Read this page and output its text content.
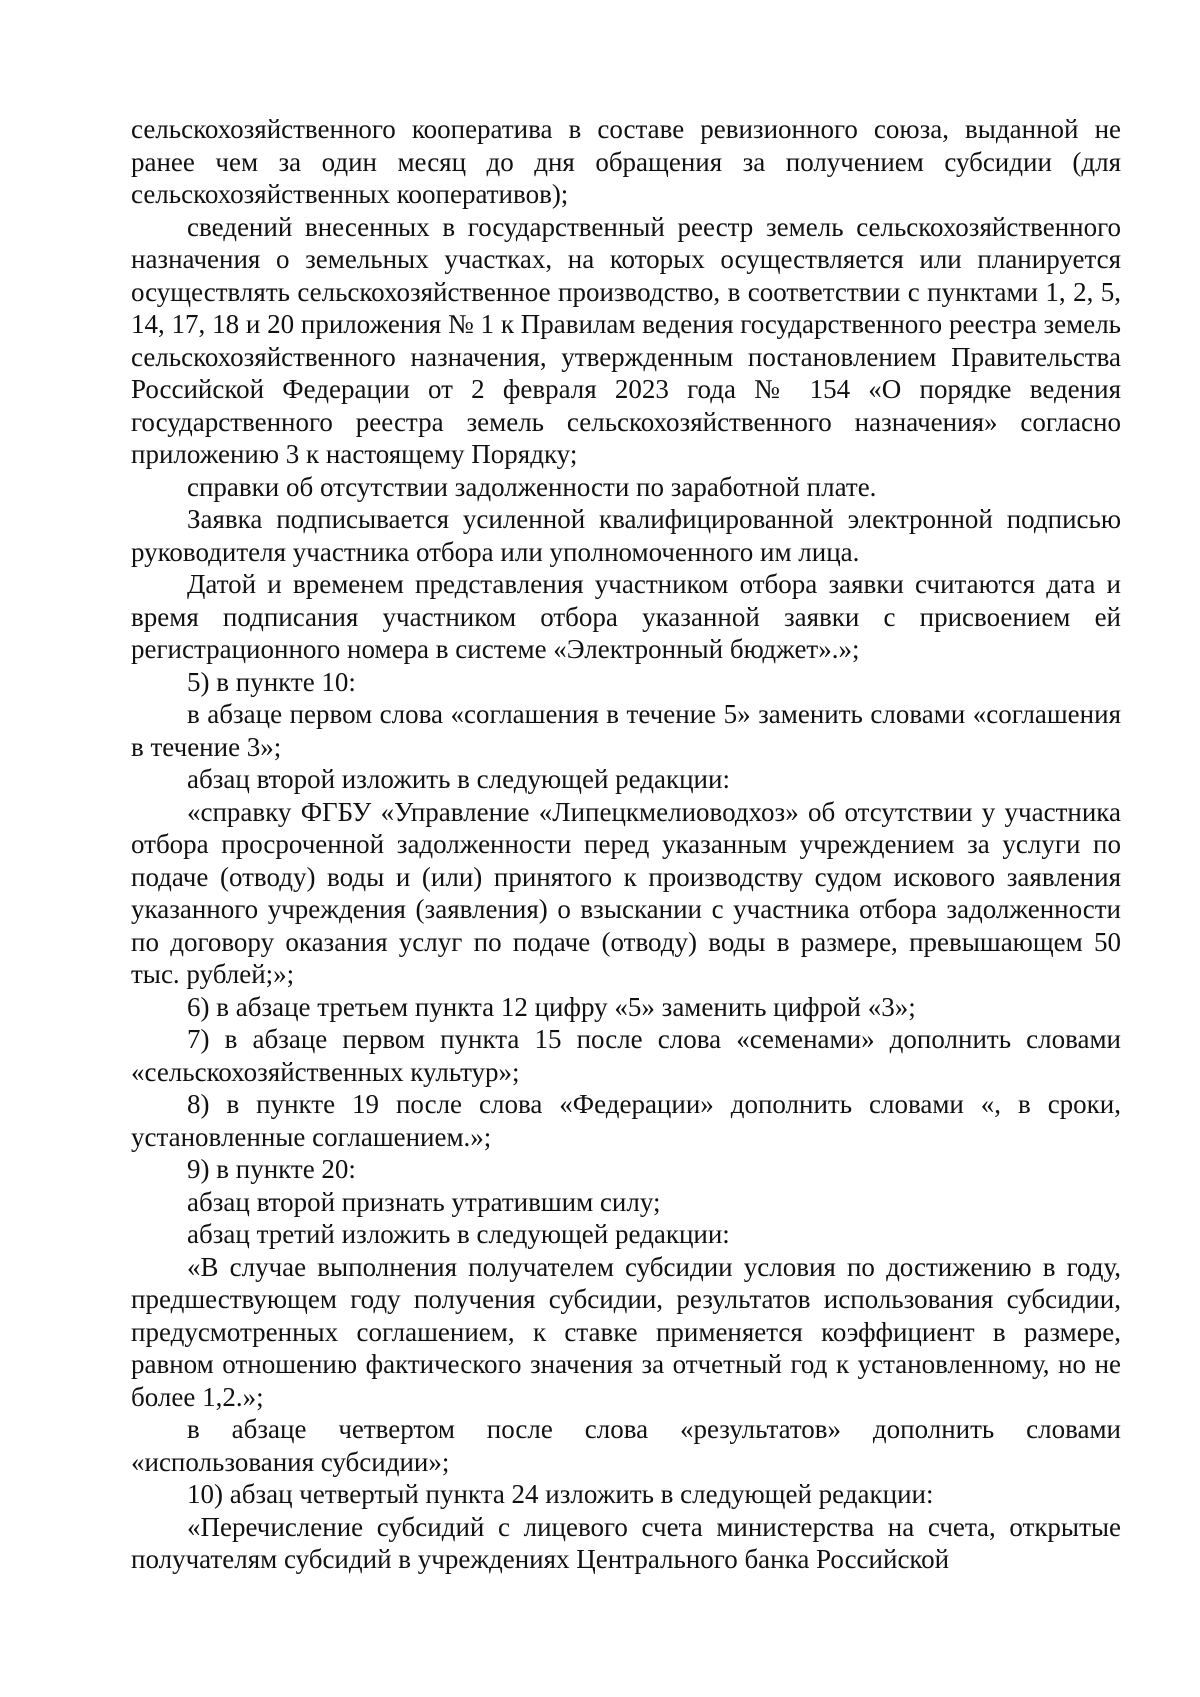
сельскохозяйственного кооператива в составе ревизионного союза, выданной не ранее чем за один месяц до дня обращения за получением субсидии (для сельскохозяйственных кооперативов);

сведений внесенных в государственный реестр земель сельскохозяйственного назначения о земельных участках, на которых осуществляется или планируется осуществлять сельскохозяйственное производство, в соответствии с пунктами 1, 2, 5, 14, 17, 18 и 20 приложения № 1 к Правилам ведения государственного реестра земель сельскохозяйственного назначения, утвержденным постановлением Правительства Российской Федерации от 2 февраля 2023 года № 154 «О порядке ведения государственного реестра земель сельскохозяйственного назначения» согласно приложению 3 к настоящему Порядку;

справки об отсутствии задолженности по заработной плате.

Заявка подписывается усиленной квалифицированной электронной подписью руководителя участника отбора или уполномоченного им лица.

Датой и временем представления участником отбора заявки считаются дата и время подписания участником отбора указанной заявки с присвоением ей регистрационного номера в системе «Электронный бюджет».»;

5) в пункте 10:

в абзаце первом слова «соглашения в течение 5» заменить словами «соглашения в течение 3»;

абзац второй изложить в следующей редакции:

«справку ФГБУ «Управление «Липецкмелиоводхоз» об отсутствии у участника отбора просроченной задолженности перед указанным учреждением за услуги по подаче (отводу) воды и (или) принятого к производству судом искового заявления указанного учреждения (заявления) о взыскании с участника отбора задолженности по договору оказания услуг по подаче (отводу) воды в размере, превышающем 50 тыс. рублей;»;

6) в абзаце третьем пункта 12 цифру «5» заменить цифрой «3»;

7) в абзаце первом пункта 15 после слова «семенами» дополнить словами «сельскохозяйственных культур»;

8) в пункте 19 после слова «Федерации» дополнить словами «, в сроки, установленные соглашением.»;

9) в пункте 20:

абзац второй признать утратившим силу;

абзац третий изложить в следующей редакции:

«В случае выполнения получателем субсидии условия по достижению в году, предшествующем году получения субсидии, результатов использования субсидии, предусмотренных соглашением, к ставке применяется коэффициент в размере, равном отношению фактического значения за отчетный год к установленному, но не более 1,2.»;

в абзаце четвертом после слова «результатов» дополнить словами «использования субсидии»;

10) абзац четвертый пункта 24 изложить в следующей редакции:

«Перечисление субсидий с лицевого счета министерства на счета, открытые получателям субсидий в учреждениях Центрального банка Российской
